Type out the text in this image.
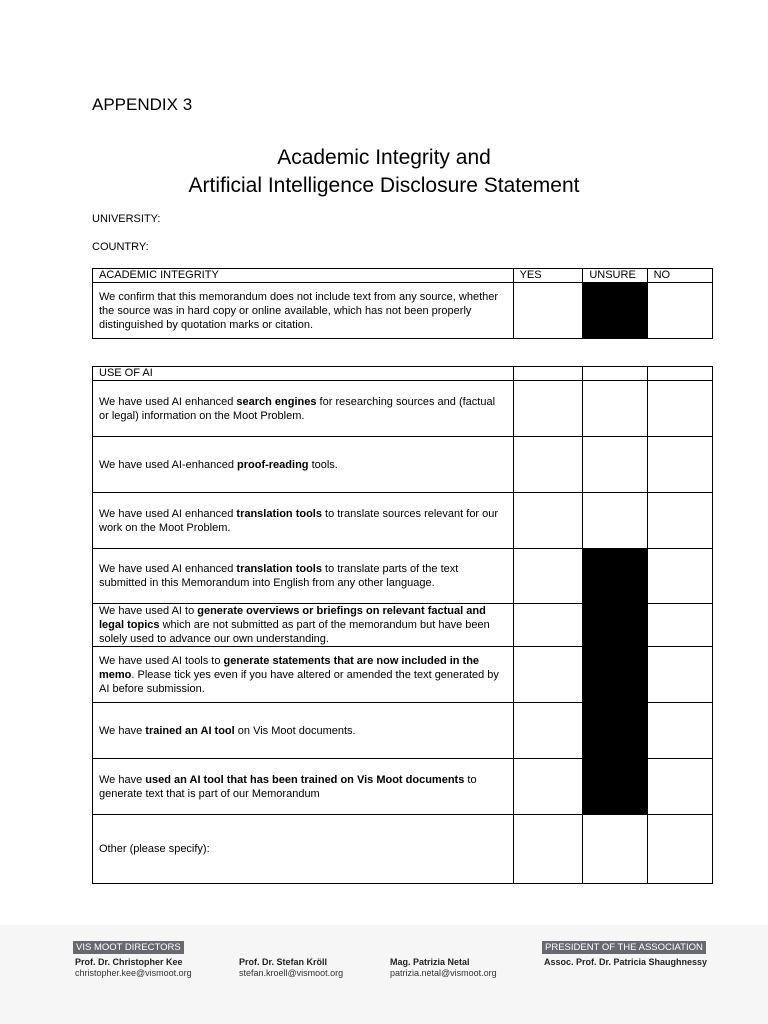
APPENDIX 3
Academic Integrity and
Artificial Intelligence Disclosure Statement
UNIVERSITY:
COUNTRY:
ACADEMIC INTEGRITY	YES	UNSURE	NO
We confirm that this memorandum does not include text from any source, whether the source was in hard copy or online available, which has not been properly distinguished by quotation marks or citation.			
USE OF AI			
We have used AI enhanced search engines for researching sources and (factual or legal) information on the Moot Problem.			
We have used AI-enhanced proof-reading tools.			
We have used AI enhanced translation tools to translate sources relevant for our work on the Moot Problem.			
We have used AI enhanced translation tools to translate parts of the text submitted in this Memorandum into English from any other language.			
We have used AI to generate overviews or briefings on relevant factual and legal topics which are not submitted as part of the memorandum but have been solely used to advance our own understanding.			
We have used AI tools to generate statements that are now included in the memo. Please tick yes even if you have altered or amended the text generated by AI before submission.			
We have trained an AI tool on Vis Moot documents.			
We have used an AI tool that has been trained on Vis Moot documents to generate text that is part of our Memorandum			
Other (please specify):			
VIS MOOT DIRECTORS	PRESIDENT OF THE ASSOCIATION
Prof. Dr. Christopher Kee
christopher.kee@vismoot.org
Prof. Dr. Stefan Kröll
stefan.kroell@vismoot.org
Mag. Patrizia Netal
patrizia.netal@vismoot.org
Assoc. Prof. Dr. Patricia Shaughnessy
